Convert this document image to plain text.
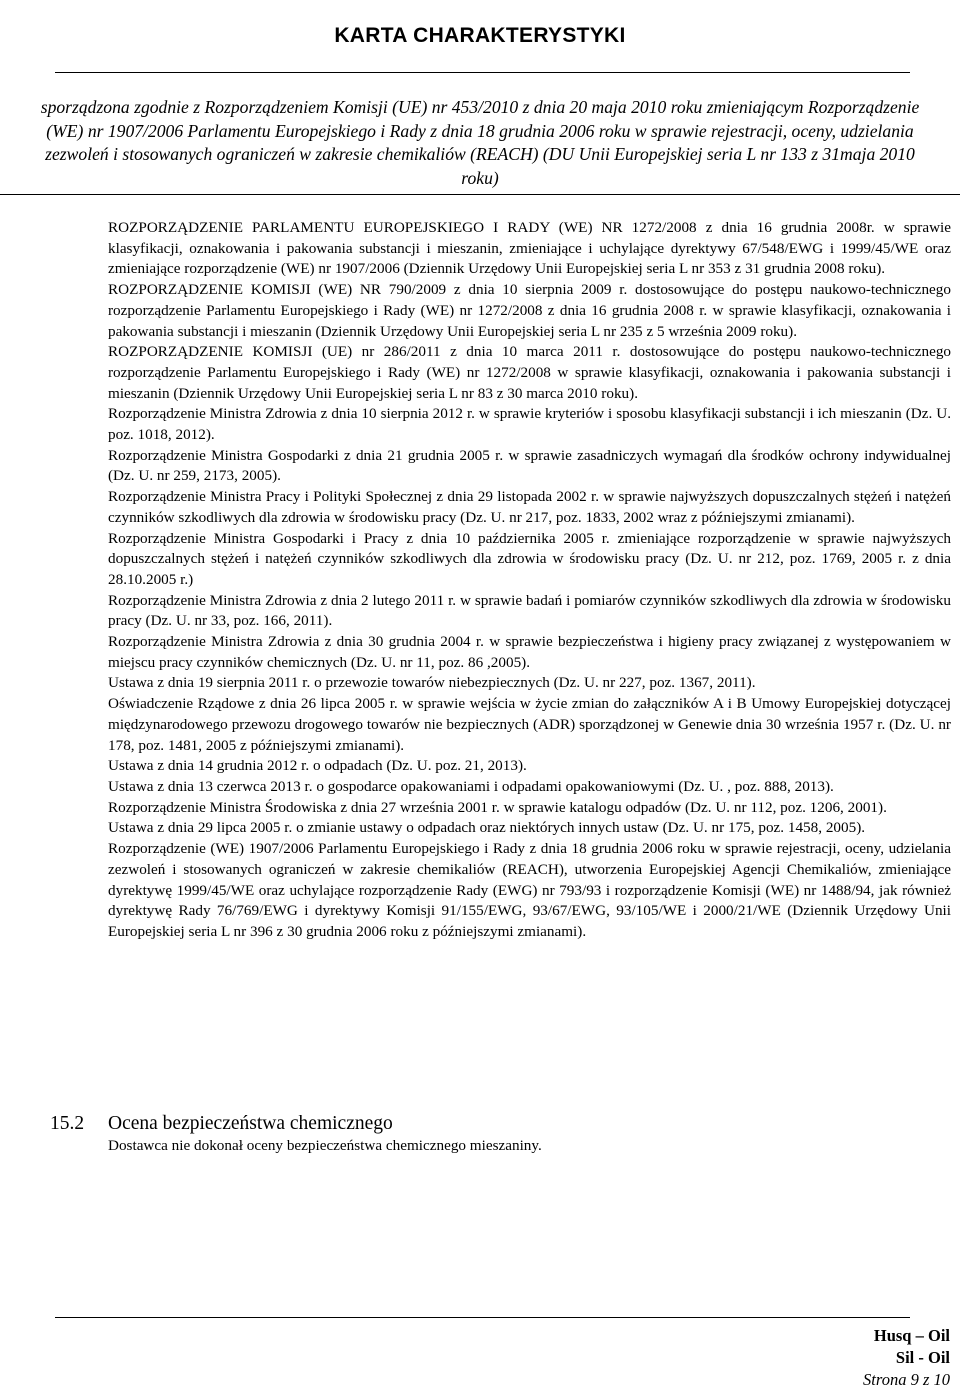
KARTA CHARAKTERYSTYKI
sporządzona zgodnie z Rozporządzeniem Komisji (UE) nr 453/2010 z dnia 20 maja 2010 roku zmieniającym Rozporządzenie (WE) nr 1907/2006 Parlamentu Europejskiego i Rady z dnia 18 grudnia 2006 roku w sprawie rejestracji, oceny, udzielania zezwoleń i stosowanych ograniczeń w zakresie chemikaliów (REACH) (DU Unii Europejskiej seria L nr 133 z 31maja 2010 roku)

ROZPORZĄDZENIE PARLAMENTU EUROPEJSKIEGO I RADY (WE) NR 1272/2008 z dnia 16 grudnia 2008r. w sprawie klasyfikacji, oznakowania i pakowania substancji i mieszanin, zmieniające i uchylające dyrektywy 67/548/EWG i 1999/45/WE oraz zmieniające rozporządzenie (WE) nr 1907/2006 (Dziennik Urzędowy Unii Europejskiej seria L nr 353 z 31 grudnia 2008 roku).

ROZPORZĄDZENIE KOMISJI (WE) NR 790/2009 z dnia 10 sierpnia 2009 r. dostosowujące do postępu naukowo-technicznego rozporządzenie Parlamentu Europejskiego i Rady (WE) nr 1272/2008 z dnia 16 grudnia 2008 r. w sprawie klasyfikacji, oznakowania i pakowania substancji i mieszanin (Dziennik Urzędowy Unii Europejskiej seria L nr 235 z 5 września 2009 roku).

ROZPORZĄDZENIE KOMISJI (UE) nr 286/2011 z dnia 10 marca 2011 r. dostosowujące do postępu naukowo-technicznego rozporządzenie Parlamentu Europejskiego i Rady (WE) nr 1272/2008 w sprawie klasyfikacji, oznakowania i pakowania substancji i mieszanin (Dziennik Urzędowy Unii Europejskiej seria L nr 83 z 30 marca 2010 roku).

Rozporządzenie Ministra Zdrowia z dnia 10 sierpnia 2012 r. w sprawie kryteriów i sposobu klasyfikacji substancji i ich mieszanin (Dz. U. poz. 1018, 2012).

Rozporządzenie Ministra Gospodarki z dnia 21 grudnia 2005 r. w sprawie zasadniczych wymagań dla środków ochrony indywidualnej (Dz. U. nr 259, 2173, 2005).

Rozporządzenie Ministra Pracy i Polityki Społecznej z dnia 29 listopada 2002 r. w sprawie najwyższych dopuszczalnych stężeń i natężeń czynników szkodliwych dla zdrowia w środowisku pracy (Dz. U. nr 217, poz. 1833, 2002 wraz z późniejszymi zmianami).

Rozporządzenie Ministra Gospodarki i Pracy z dnia 10 października 2005 r. zmieniające rozporządzenie w sprawie najwyższych dopuszczalnych stężeń i natężeń czynników szkodliwych dla zdrowia w środowisku pracy (Dz. U. nr 212, poz. 1769, 2005 r. z dnia 28.10.2005 r.)

Rozporządzenie Ministra Zdrowia z dnia 2 lutego 2011 r. w sprawie badań i pomiarów czynników szkodliwych dla zdrowia w środowisku pracy (Dz. U. nr 33, poz. 166, 2011).

Rozporządzenie Ministra Zdrowia z dnia 30 grudnia 2004 r. w sprawie bezpieczeństwa i higieny pracy związanej z występowaniem w miejscu pracy czynników chemicznych (Dz. U. nr 11, poz. 86 ,2005).

Ustawa z dnia 19 sierpnia 2011 r. o przewozie towarów niebezpiecznych (Dz. U. nr 227, poz. 1367, 2011).

Oświadczenie Rządowe z dnia 26 lipca 2005 r. w sprawie wejścia w życie zmian do załączników A i B Umowy Europejskiej dotyczącej międzynarodowego przewozu drogowego towarów nie bezpiecznych (ADR) sporządzonej w Genewie dnia 30 września 1957 r. (Dz. U. nr 178, poz. 1481, 2005 z późniejszymi zmianami).

Ustawa z dnia 14 grudnia 2012 r. o odpadach (Dz. U. poz. 21, 2013).

Ustawa z dnia 13 czerwca 2013 r. o gospodarce opakowaniami i odpadami opakowaniowymi (Dz. U. , poz. 888, 2013).

Rozporządzenie Ministra Środowiska z dnia 27 września 2001 r. w sprawie katalogu odpadów (Dz. U. nr 112, poz. 1206, 2001).

Ustawa z dnia 29 lipca 2005 r. o zmianie ustawy o odpadach oraz niektórych innych ustaw (Dz. U. nr 175, poz. 1458, 2005).

Rozporządzenie (WE) 1907/2006 Parlamentu Europejskiego i Rady z dnia 18 grudnia 2006 roku w sprawie rejestracji, oceny, udzielania zezwoleń i stosowanych ograniczeń w zakresie chemikaliów (REACH), utworzenia Europejskiej Agencji Chemikaliów, zmieniające dyrektywę 1999/45/WE oraz uchylające rozporządzenie Rady (EWG) nr 793/93 i rozporządzenie Komisji (WE) nr 1488/94, jak również dyrektywę Rady 76/769/EWG i dyrektywy Komisji 91/155/EWG, 93/67/EWG, 93/105/WE i 2000/21/WE (Dziennik Urzędowy Unii Europejskiej seria L nr 396 z 30 grudnia 2006 roku z późniejszymi zmianami).

15.2 Ocena bezpieczeństwa chemicznego
Dostawca nie dokonał oceny bezpieczeństwa chemicznego mieszaniny.
Husq – Oil
Sil - Oil
Strona 9 z 10
